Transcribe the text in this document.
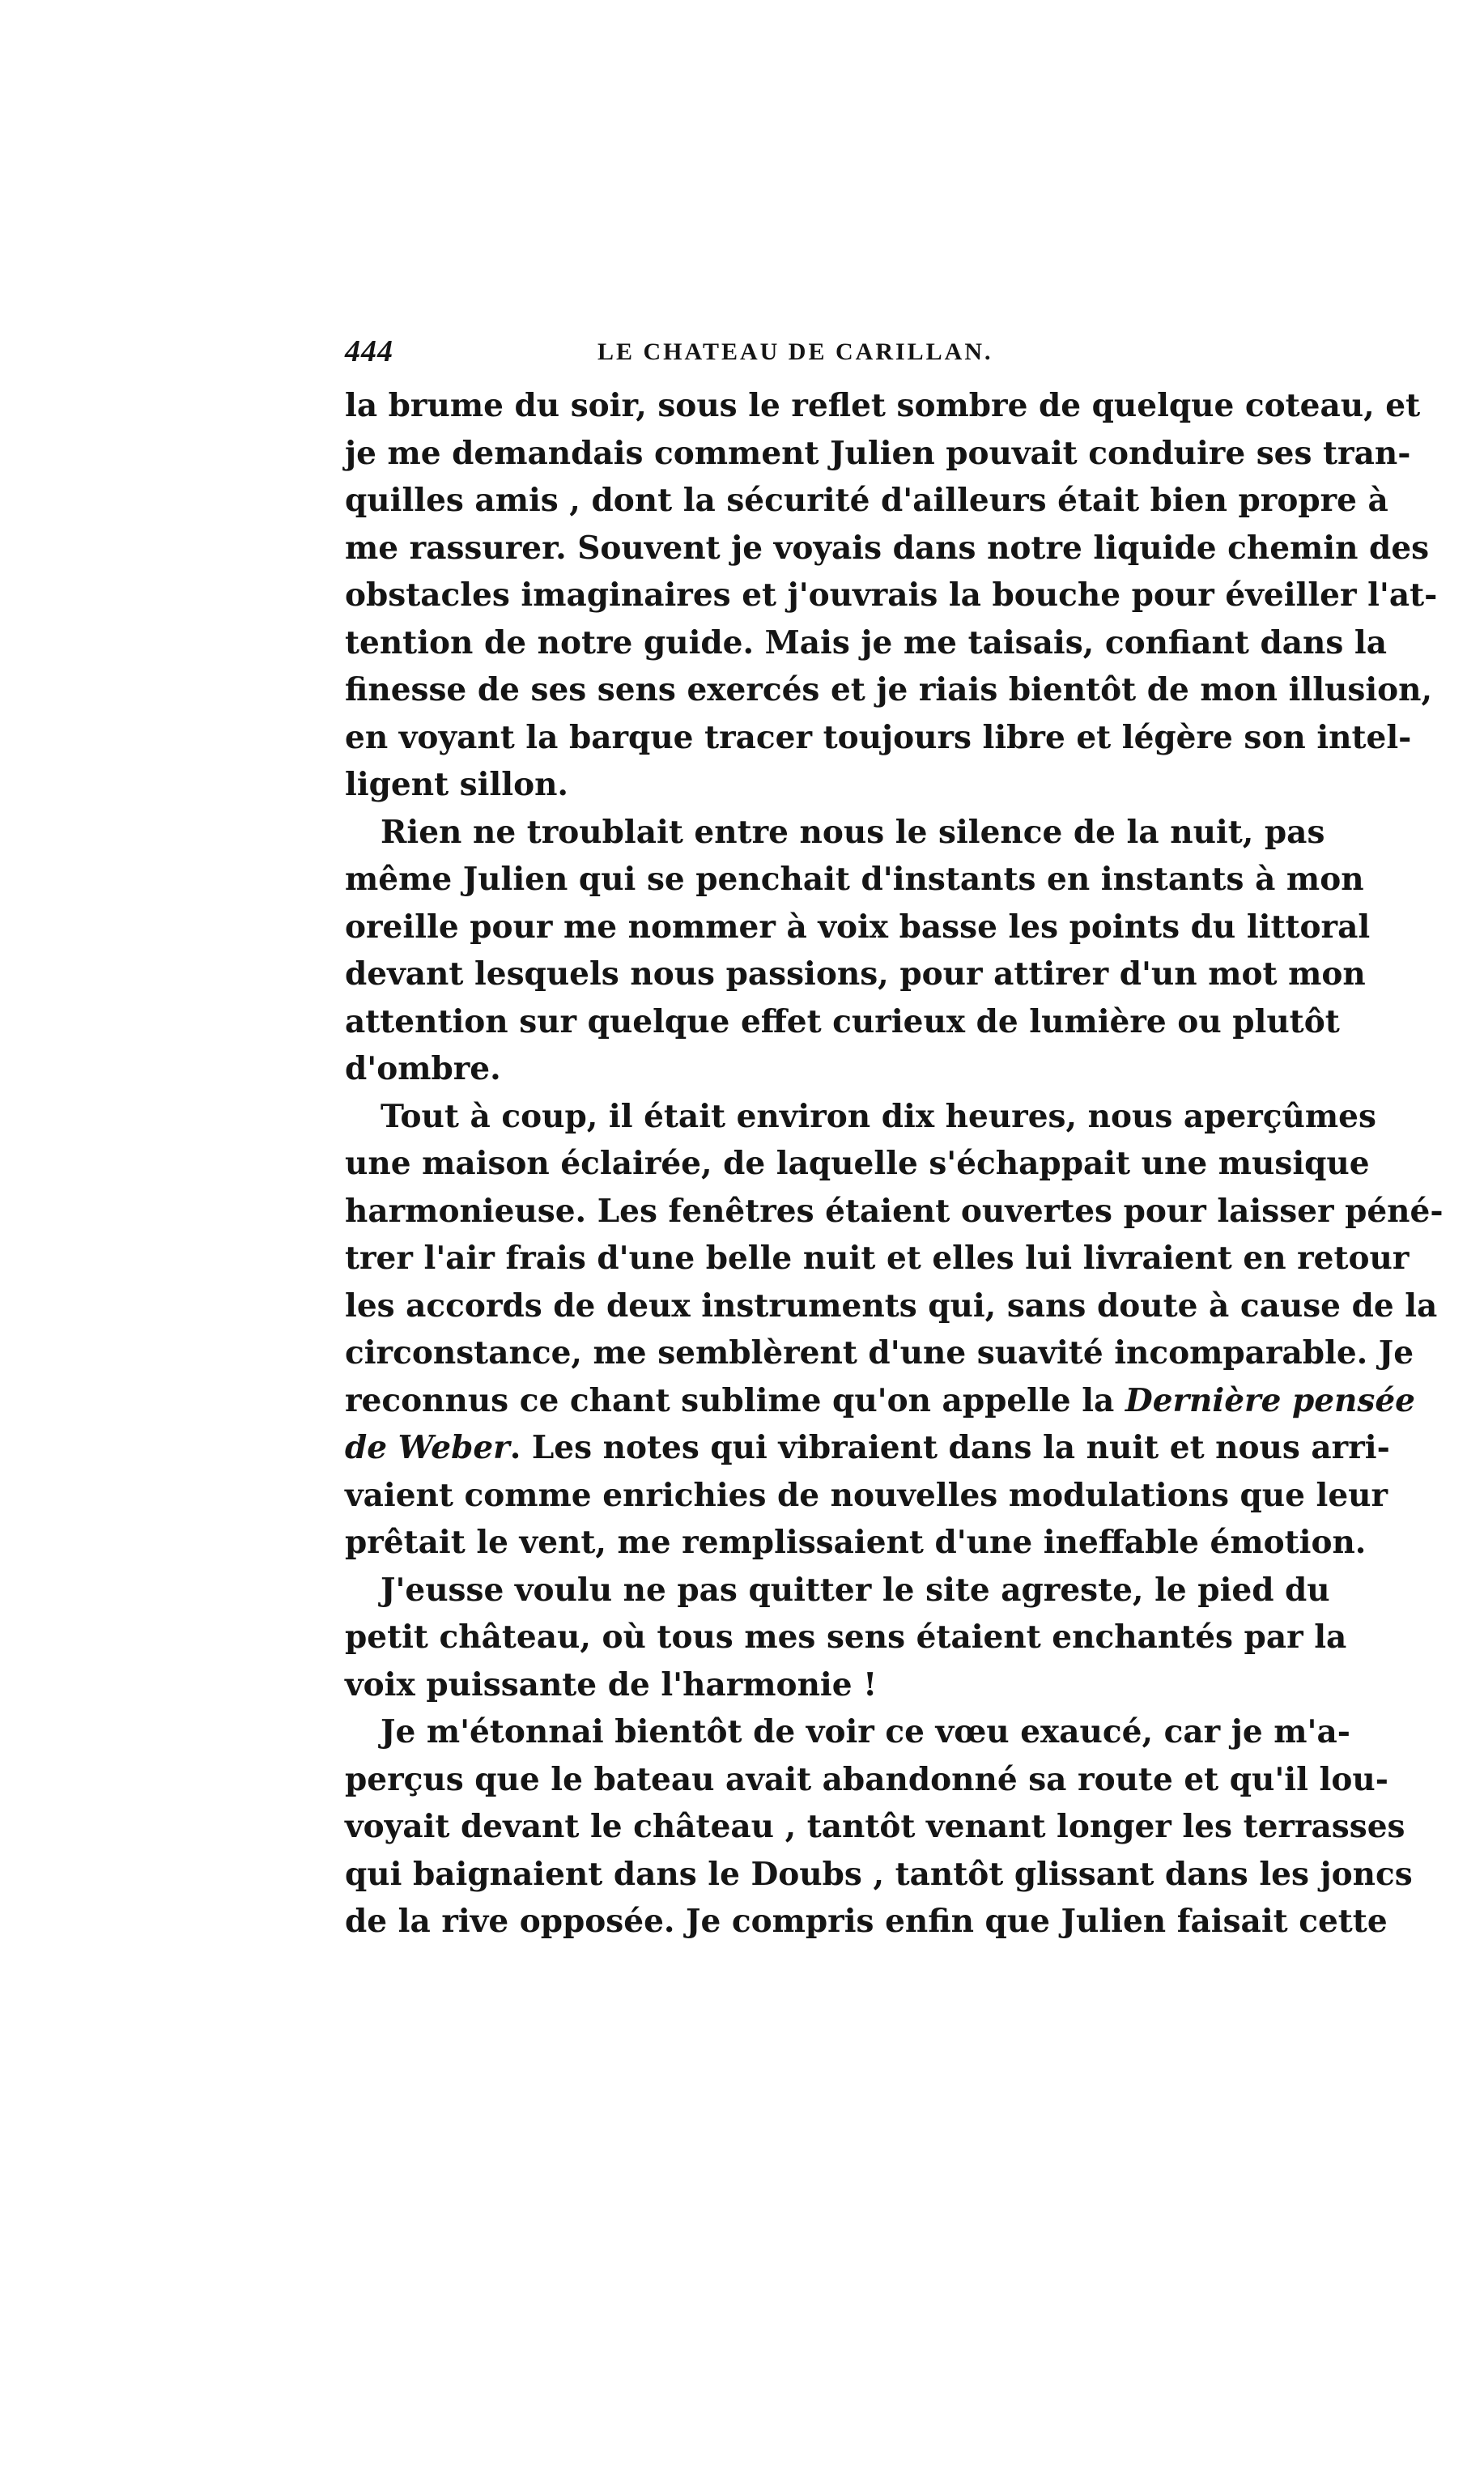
444	LE CHATEAU DE CARILLAN.
la brume du soir, sous le reflet sombre de quelque coteau, et
je me demandais comment Julien pouvait conduire ses tran-
quilles amis , dont la sécurité d'ailleurs était bien propre à
me rassurer. Souvent je voyais dans notre liquide chemin des
obstacles imaginaires et j'ouvrais la bouche pour éveiller l'at-
tention de notre guide. Mais je me taisais, confiant dans la
finesse de ses sens exercés et je riais bientôt de mon illusion,
en voyant la barque tracer toujours libre et légère son intel-
ligent sillon.
Rien ne troublait entre nous le silence de la nuit, pas
même Julien qui se penchait d'instants en instants à mon
oreille pour me nommer à voix basse les points du littoral
devant lesquels nous passions, pour attirer d'un mot mon
attention sur quelque effet curieux de lumière ou plutôt
d'ombre.
Tout à coup, il était environ dix heures, nous aperçûmes
une maison éclairée, de laquelle s'échappait une musique
harmonieuse. Les fenêtres étaient ouvertes pour laisser péné-
trer l'air frais d'une belle nuit et elles lui livraient en retour
les accords de deux instruments qui, sans doute à cause de la
circonstance, me semblèrent d'une suavité incomparable. Je
reconnus ce chant sublime qu'on appelle la Dernière pensée
de Weber. Les notes qui vibraient dans la nuit et nous arri-
vaient comme enrichies de nouvelles modulations que leur
prêtait le vent, me remplissaient d'une ineffable émotion.
J'eusse voulu ne pas quitter le site agreste, le pied du
petit château, où tous mes sens étaient enchantés par la
voix puissante de l'harmonie !
Je m'étonnai bientôt de voir ce vœu exaucé, car je m'a-
perçus que le bateau avait abandonné sa route et qu'il lou-
voyait devant le château , tantôt venant longer les terrasses
qui baignaient dans le Doubs , tantôt glissant dans les joncs
de la rive opposée. Je compris enfin que Julien faisait cette
